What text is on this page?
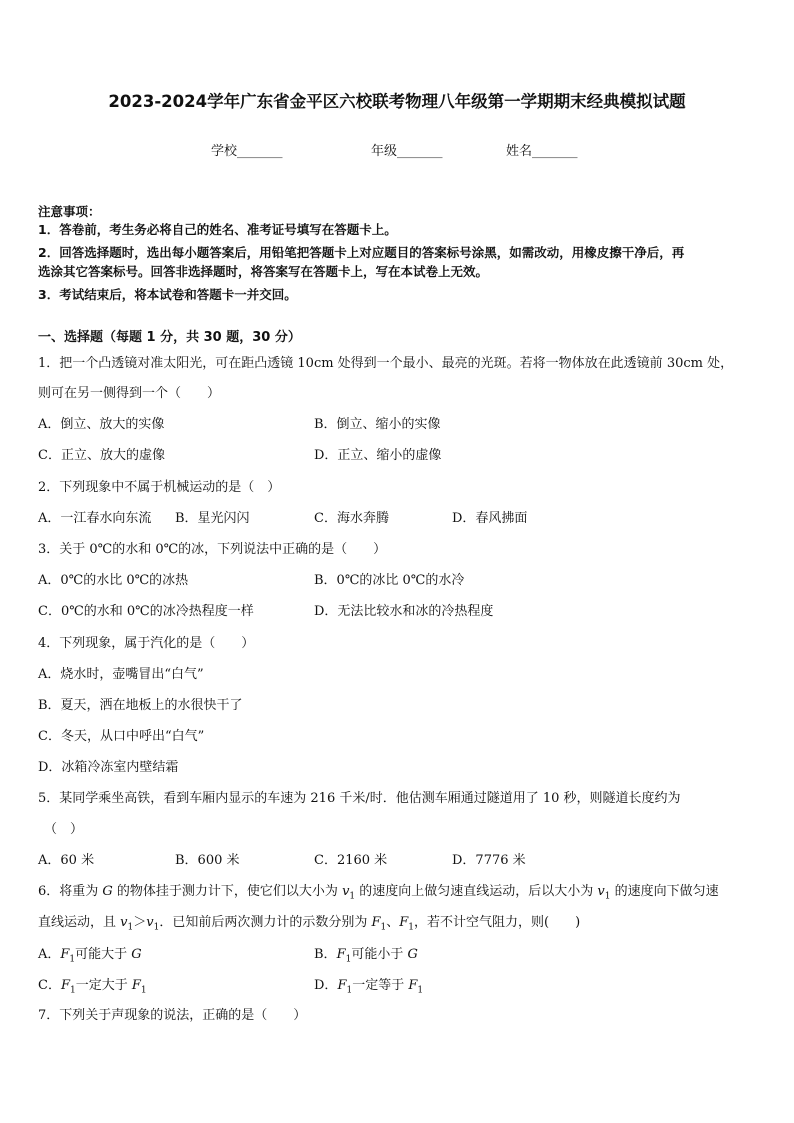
2023-2024学年广东省金平区六校联考物理八年级第一学期期末经典模拟试题
学校_______	年级_______	姓名_______
注意事项：
1．答卷前，考生务必将自己的姓名、准考证号填写在答题卡上。
2．回答选择题时，选出每小题答案后，用铅笔把答题卡上对应题目的答案标号涂黑，如需改动，用橡皮擦干净后，再
选涂其它答案标号。回答非选择题时，将答案写在答题卡上，写在本试卷上无效。
3．考试结束后，将本试卷和答题卡一并交回。
一、选择题（每题 1 分，共 30 题，30 分）
1．把一个凸透镜对准太阳光，可在距凸透镜 10cm 处得到一个最小、最亮的光斑。若将一物体放在此透镜前 30cm 处，
则可在另一侧得到一个（　　）
A．倒立、放大的实像	B．倒立、缩小的实像
C．正立、放大的虚像	D．正立、缩小的虚像
2．下列现象中不属于机械运动的是（　）
A．一江春水向东流 B．星光闪闪	C．海水奔腾	D．春风拂面
3．关于 0℃的水和 0℃的冰，下列说法中正确的是（　　）
A．0℃的水比 0℃的冰热	B．0℃的冰比 0℃的水冷
C．0℃的水和 0℃的冰冷热程度一样	D．无法比较水和冰的冷热程度
4．下列现象，属于汽化的是（　　）
A．烧水时，壶嘴冒出“白气”
B．夏天，洒在地板上的水很快干了
C．冬天，从口中呼出“白气”
D．冰箱冷冻室内壁结霜
5．某同学乘坐高铁，看到车厢内显示的车速为 216 千米/时．他估测车厢通过隧道用了 10 秒，则隧道长度约为
（　）
A．60 米	B．600 米	C．2160 米	D．7776 米
6．将重为 G 的物体挂于测力计下，使它们以大小为 $v_1$ 的速度向上做匀速直线运动，后以大小为 $v_1$ 的速度向下做匀速
直线运动，且 $v_1>v_1$．已知前后两次测力计的示数分别为 $F_1$、$F_1$，若不计空气阻力，则(　　)
A．$F_1$可能大于 G	B．$F_1$可能小于 G
C．$F_1$一定大于 $F_1$	D．$F_1$一定等于 $F_1$
7．下列关于声现象的说法，正确的是（　　）
